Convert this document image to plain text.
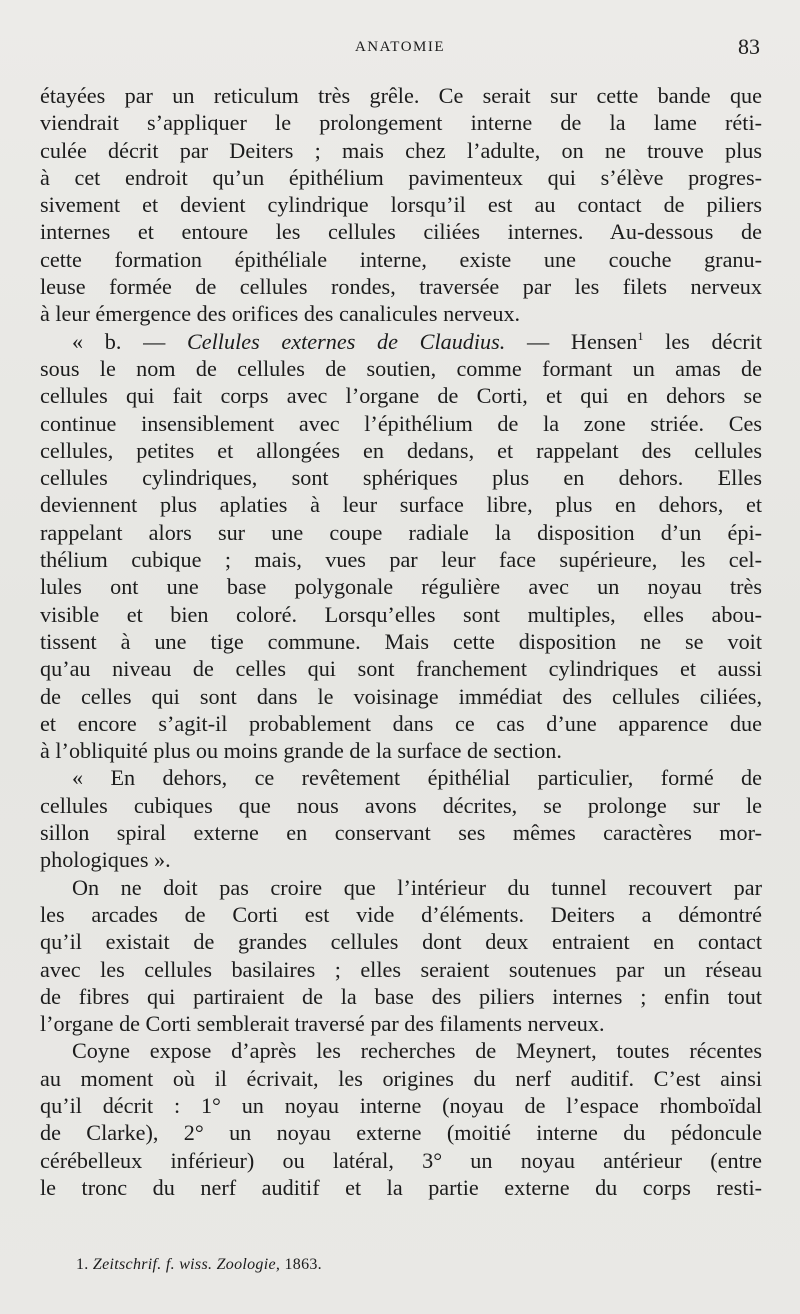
ANATOMIE	83
étayées par un reticulum très grêle. Ce serait sur cette bande que
viendrait s’appliquer le prolongement interne de la lame réti-
culée décrit par Deiters ; mais chez l’adulte, on ne trouve plus
à cet endroit qu’un épithélium pavimenteux qui s’élève progres-
sivement et devient cylindrique lorsqu’il est au contact de piliers
internes et entoure les cellules ciliées internes. Au-dessous de
cette formation épithéliale interne, existe une couche granu-
leuse formée de cellules rondes, traversée par les filets nerveux
à leur émergence des orifices des canalicules nerveux.
« b. — Cellules externes de Claudius. — Hensen$^1$ les décrit
sous le nom de cellules de soutien, comme formant un amas de
cellules qui fait corps avec l’organe de Corti, et qui en dehors se
continue insensiblement avec l’épithélium de la zone striée. Ces
cellules, petites et allongées en dedans, et rappelant des cellules
cellules cylindriques, sont sphériques plus en dehors. Elles
deviennent plus aplaties à leur surface libre, plus en dehors, et
rappelant alors sur une coupe radiale la disposition d’un épi-
thélium cubique ; mais, vues par leur face supérieure, les cel-
lules ont une base polygonale régulière avec un noyau très
visible et bien coloré. Lorsqu’elles sont multiples, elles abou-
tissent à une tige commune. Mais cette disposition ne se voit
qu’au niveau de celles qui sont franchement cylindriques et aussi
de celles qui sont dans le voisinage immédiat des cellules ciliées,
et encore s’agit-il probablement dans ce cas d’une apparence due
à l’obliquité plus ou moins grande de la surface de section.
« En dehors, ce revêtement épithélial particulier, formé de
cellules cubiques que nous avons décrites, se prolonge sur le
sillon spiral externe en conservant ses mêmes caractères mor-
phologiques ».
On ne doit pas croire que l’intérieur du tunnel recouvert par
les arcades de Corti est vide d’éléments. Deiters a démontré
qu’il existait de grandes cellules dont deux entraient en contact
avec les cellules basilaires ; elles seraient soutenues par un réseau
de fibres qui partiraient de la base des piliers internes ; enfin tout
l’organe de Corti semblerait traversé par des filaments nerveux.
Coyne expose d’après les recherches de Meynert, toutes récentes
au moment où il écrivait, les origines du nerf auditif. C’est ainsi
qu’il décrit : 1° un noyau interne (noyau de l’espace rhomboïdal
de Clarke), 2° un noyau externe (moitié interne du pédoncule
cérébelleux inférieur) ou latéral, 3° un noyau antérieur (entre
le tronc du nerf auditif et la partie externe du corps resti-
1. Zeitschrif. f. wiss. Zoologie, 1863.
